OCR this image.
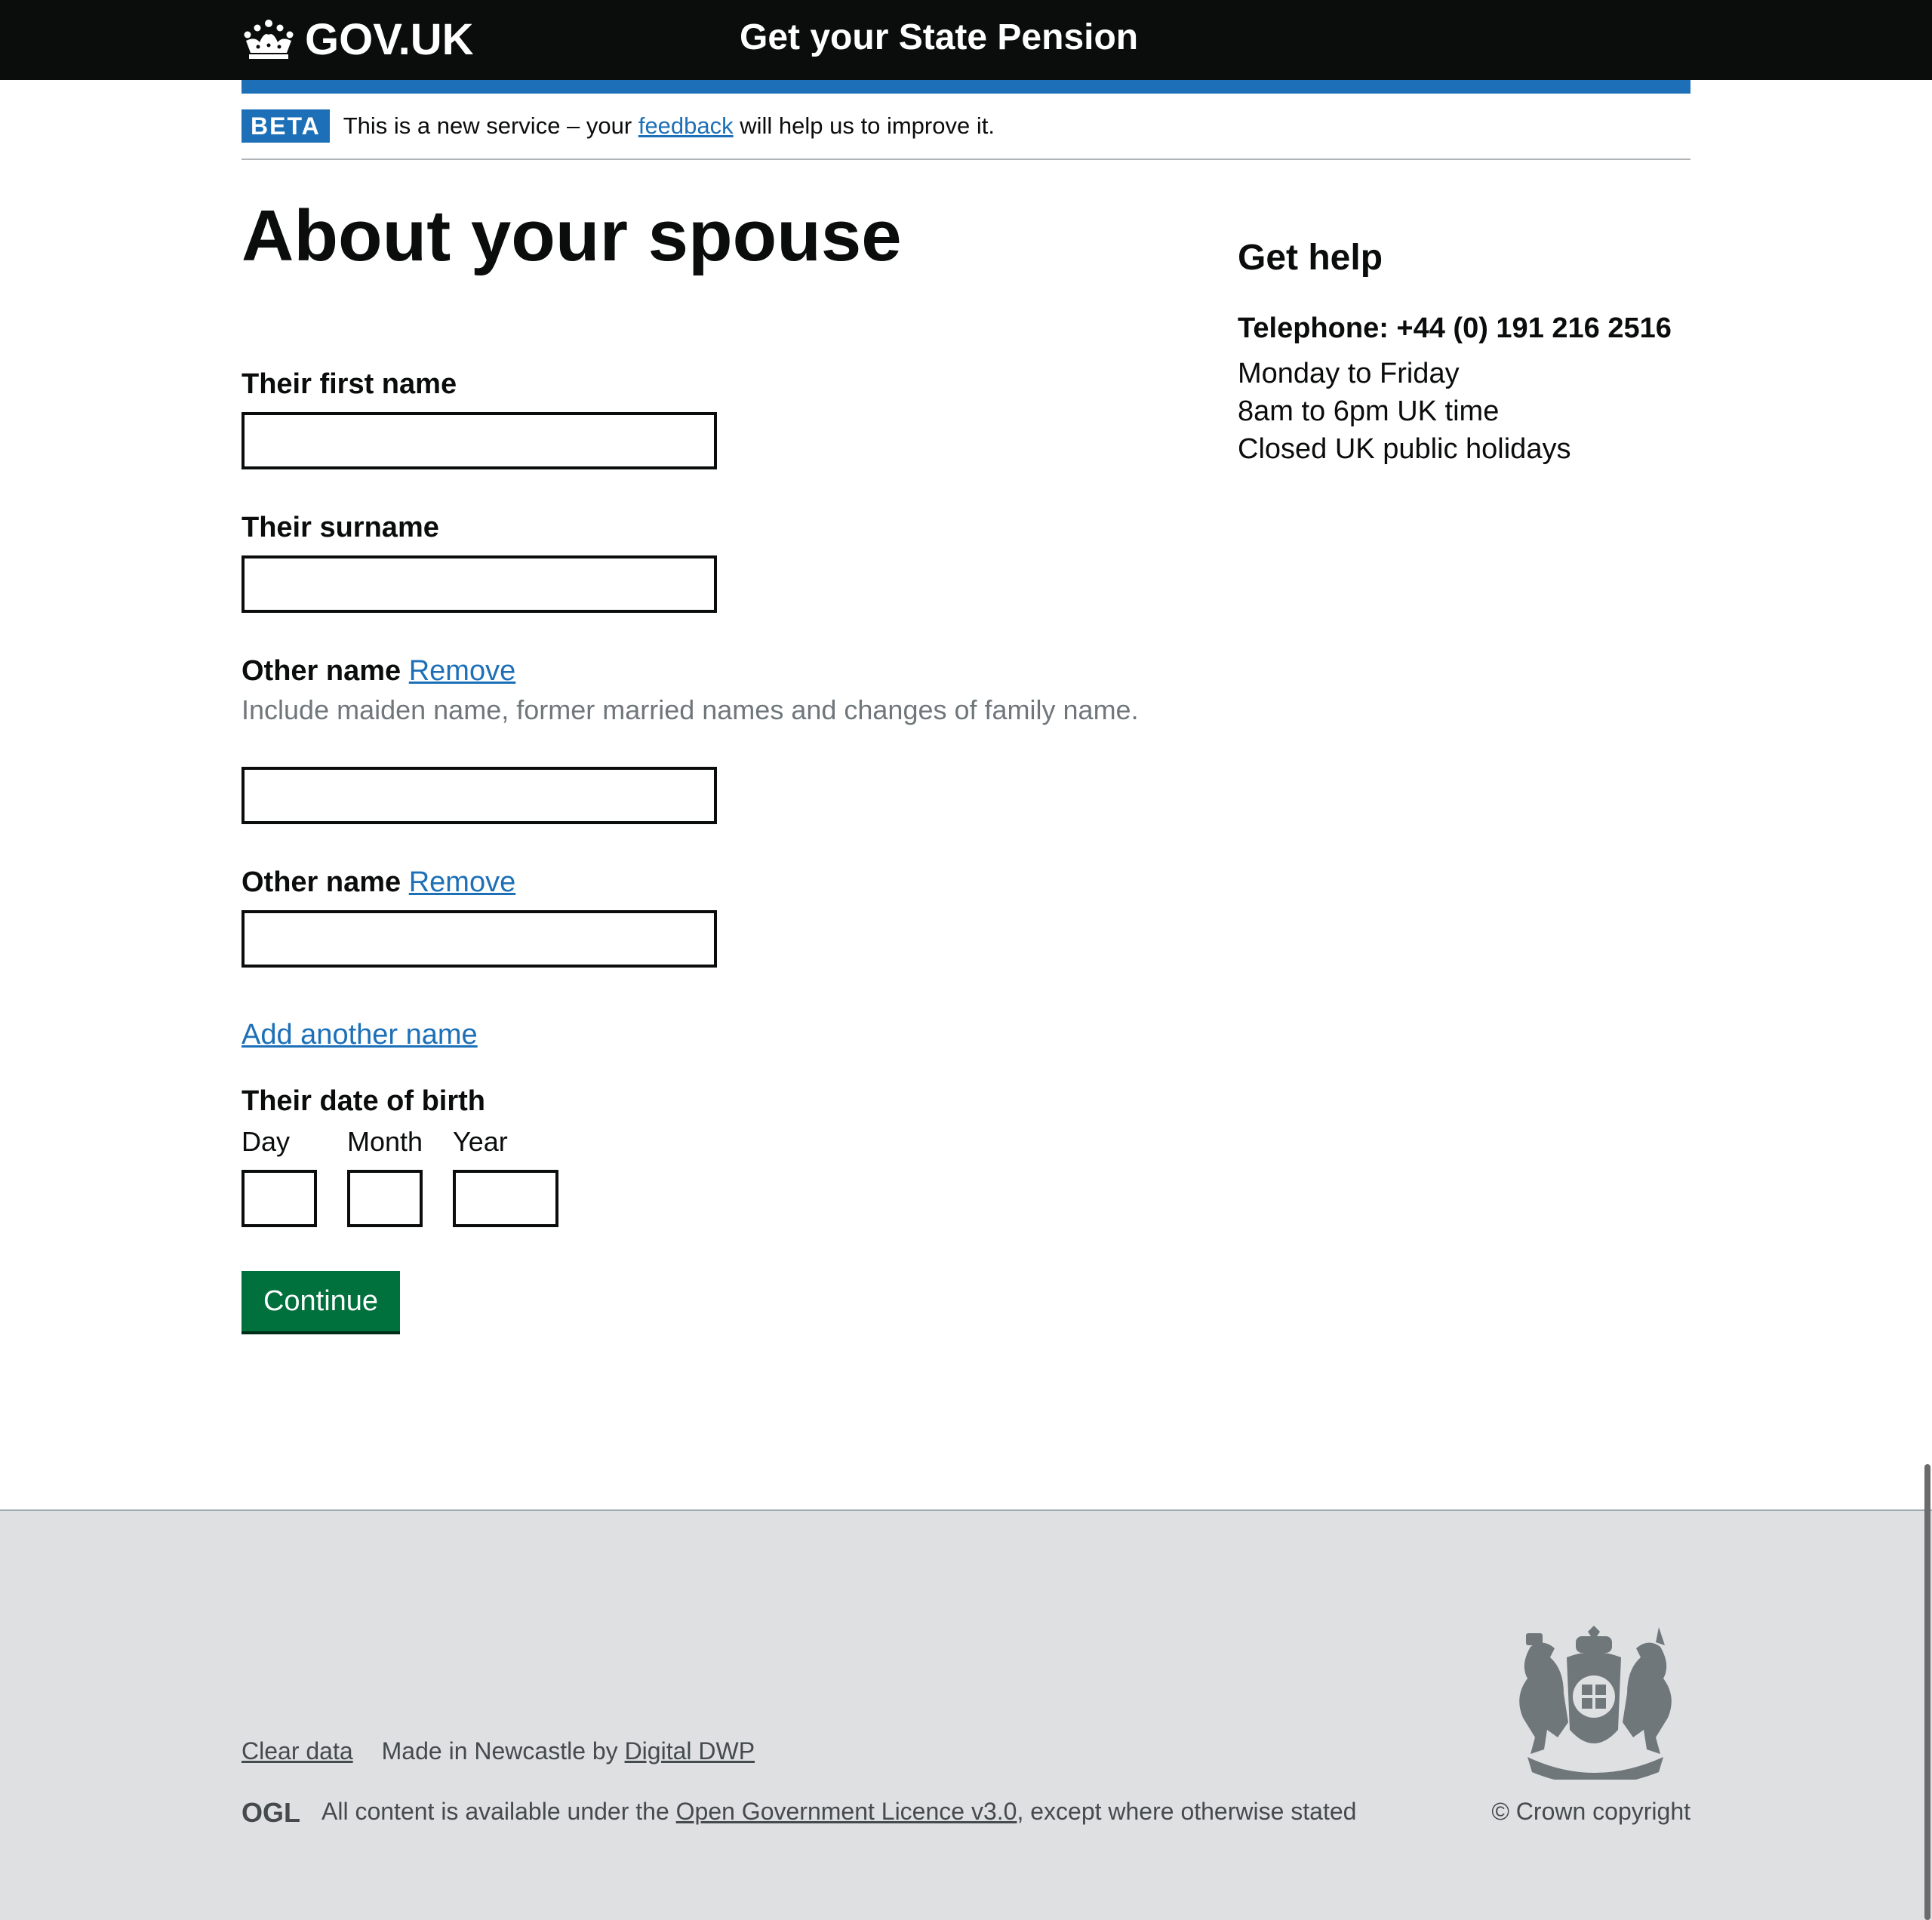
GOV.UK	Get your State Pension
BETA This is a new service – your feedback will help us to improve it.
About your spouse
Their first name
Their surname
Other name Remove
Include maiden name, former married names and changes of family name.
Other name Remove
Add another name
Their date of birth
Day Month Year
Continue
Get help
Telephone: +44 (0) 191 216 2516
Monday to Friday
8am to 6pm UK time
Closed UK public holidays
Clear data Made in Newcastle by Digital DWP
OGL All content is available under the Open Government Licence v3.0, except where otherwise stated	© Crown copyright
